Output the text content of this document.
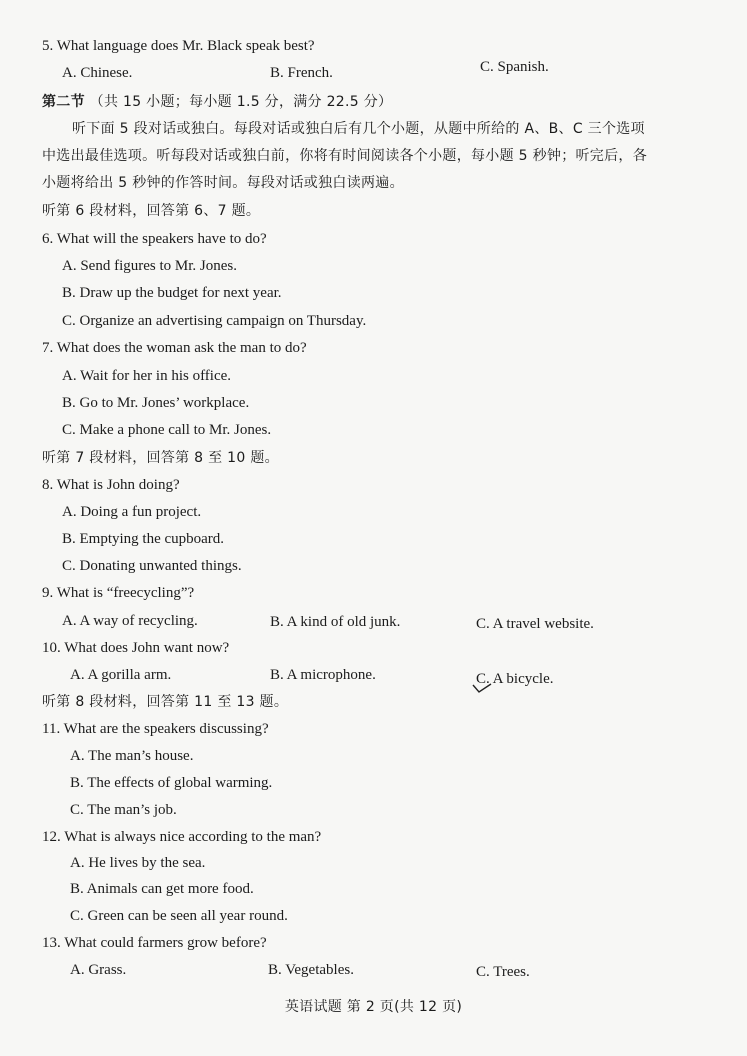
5. What language does Mr. Black speak best?
A. Chinese.	B. French.	C. Spanish.
第二节 （共 15 小题；每小题 1.5 分，满分 22.5 分）
听下面 5 段对话或独白。每段对话或独白后有几个小题，从题中所给的 A、B、C 三个选项
中选出最佳选项。听每段对话或独白前，你将有时间阅读各个小题，每小题 5 秒钟；听完后，各
小题将给出 5 秒钟的作答时间。每段对话或独白读两遍。
听第 6 段材料，回答第 6、7 题。
6. What will the speakers have to do?
A. Send figures to Mr. Jones.
B. Draw up the budget for next year.
C. Organize an advertising campaign on Thursday.
7. What does the woman ask the man to do?
A. Wait for her in his office.
B. Go to Mr. Jones’ workplace.
C. Make a phone call to Mr. Jones.
听第 7 段材料，回答第 8 至 10 题。
8. What is John doing?
A. Doing a fun project.
B. Emptying the cupboard.
C. Donating unwanted things.
9. What is “freecycling”?
A. A way of recycling.	B. A kind of old junk.	C. A travel website.
10. What does John want now?
A. A gorilla arm.	B. A microphone.	C. A bicycle.
听第 8 段材料，回答第 11 至 13 题。
11. What are the speakers discussing?
A. The man’s house.
B. The effects of global warming.
C. The man’s job.
12. What is always nice according to the man?
A. He lives by the sea.
B. Animals can get more food.
C. Green can be seen all year round.
13. What could farmers grow before?
A. Grass.	B. Vegetables.	C. Trees.
英语试题 第 2 页(共 12 页)
